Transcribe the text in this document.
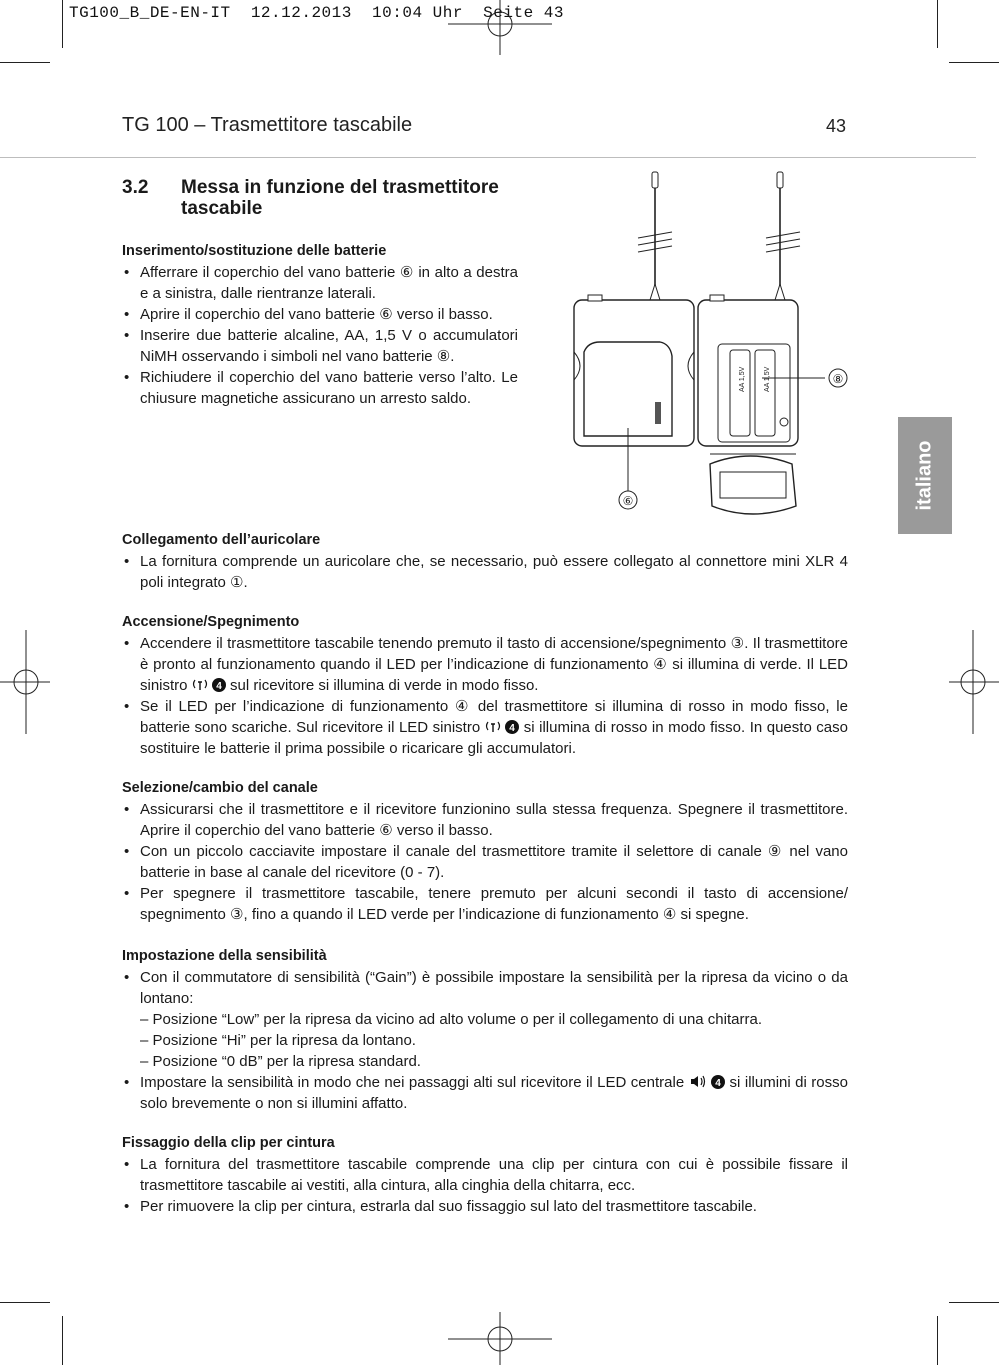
TG100_B_DE-EN-IT  12.12.2013  10:04 Uhr  Seite 43
TG 100 – Trasmettitore tascabile	43
italiano
3.2 Messa in funzione del trasmettitore tascabile

Inserimento/sostituzione delle batterie

• Afferrare il coperchio del vano batterie ⑥ in alto a destra e a sinistra, dalle rientranze laterali.
• Aprire il coperchio del vano batterie ⑥ verso il basso.
• Inserire due batterie alcaline, AA, 1,5 V o accumulatori NiMH osservando i simboli nel vano batterie ⑧.
• Richiudere il coperchio del vano batterie verso l’alto. Le chiusure magnetiche assicurano un arresto saldo.
AA 1,5V	AA 1,5V	⑧
⑥

Collegamento dell’auricolare

• La fornitura comprende un auricolare che, se necessario, può essere collegato al connettore mini XLR 4 poli integrato ①.

Accensione/Spegnimento

• Accendere il trasmettitore tascabile tenendo premuto il tasto di accensione/spegnimento ③. Il trasmettitore è pronto al funzionamento quando il LED per l’indicazione di funzionamento ④ si illumina di verde. Il LED sinistro 4 sul ricevitore si illumina di verde in modo fisso.
• Se il LED per l’indicazione di funzionamento ④ del trasmettitore si illumina di rosso in modo fisso, le batterie sono scariche. Sul ricevitore il LED sinistro 4 si illumina di rosso in modo fisso. In questo caso sostituire le batterie il prima possibile o ricaricare gli accumulatori.

Selezione/cambio del canale

• Assicurarsi che il trasmettitore e il ricevitore funzionino sulla stessa frequenza. Spegnere il trasmettitore. Aprire il coperchio del vano batterie ⑥ verso il basso.
• Con un piccolo cacciavite impostare il canale del trasmettitore tramite il selettore di canale ⑨ nel vano batterie in base al canale del ricevitore (0 - 7).
• Per spegnere il trasmettitore tascabile, tenere premuto per alcuni secondi il tasto di accensione/ spegnimento ③, fino a quando il LED verde per l’indicazione di funzionamento ④ si spegne.

Impostazione della sensibilità

• Con il commutatore di sensibilità (“Gain”) è possibile impostare la sensibilità per la ripresa da vicino o da lontano:
– Posizione “Low” per la ripresa da vicino ad alto volume o per il collegamento di una chitarra.
– Posizione “Hi” per la ripresa da lontano.
– Posizione “0 dB” per la ripresa standard.
• Impostare la sensibilità in modo che nei passaggi alti sul ricevitore il LED centrale	4 si illumini di rosso solo brevemente o non si illumini affatto.

Fissaggio della clip per cintura

• La fornitura del trasmettitore tascabile comprende una clip per cintura con cui è possibile fissare il trasmettitore tascabile ai vestiti, alla cintura, alla cinghia della chitarra, ecc.
• Per rimuovere la clip per cintura, estrarla dal suo fissaggio sul lato del trasmettitore tascabile.
